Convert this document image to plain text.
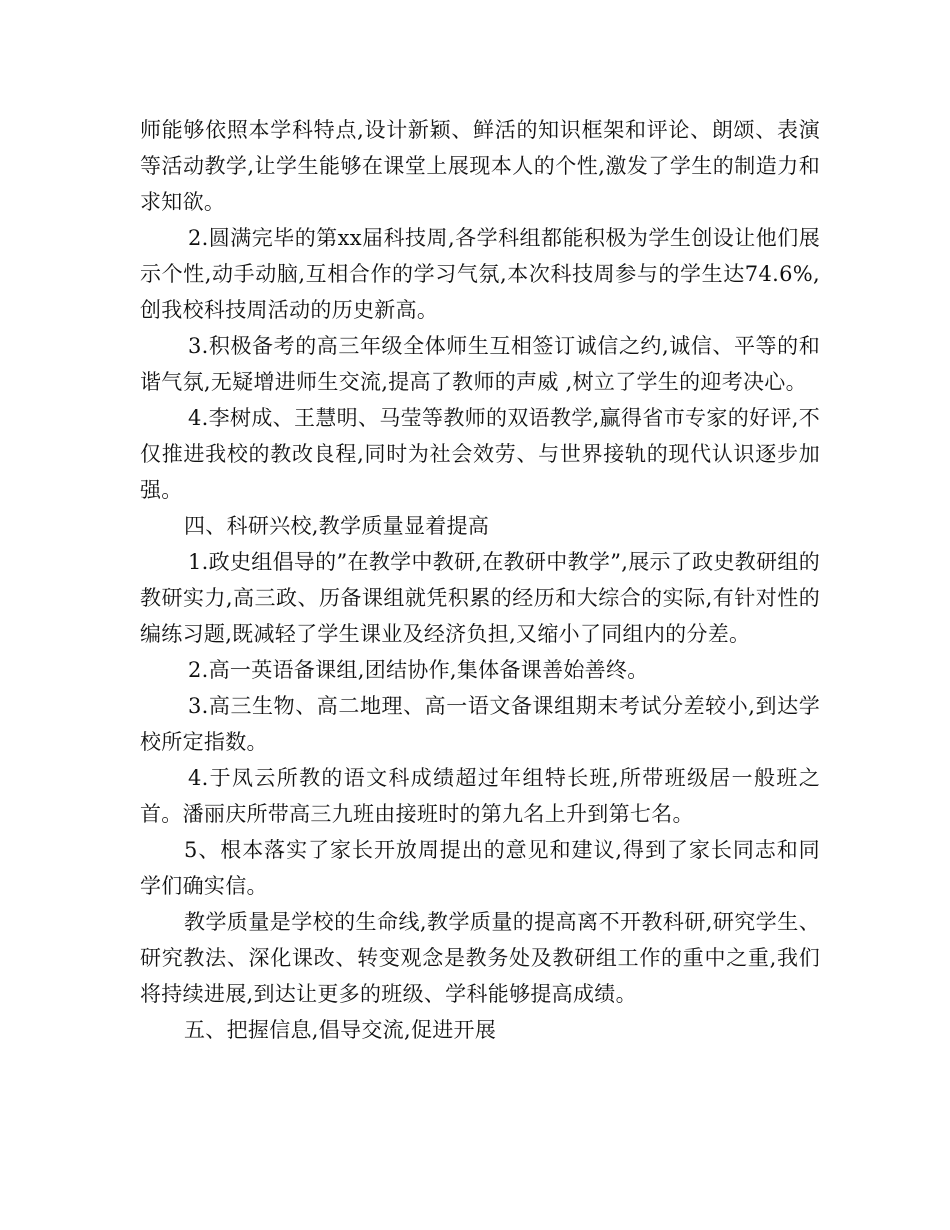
师能够依照本学科特点,设计新颖、鲜活的知识框架和评论、朗颂、表演等活动教学,让学生能够在课堂上展现本人的个性,激发了学生的制造力和求知欲。

2.圆满完毕的第xx届科技周,各学科组都能积极为学生创设让他们展示个性,动手动脑,互相合作的学习气氛,本次科技周参与的学生达74.6%,创我校科技周活动的历史新高。

3.积极备考的高三年级全体师生互相签订诚信之约,诚信、平等的和谐气氛,无疑增进师生交流,提高了教师的声威 ,树立了学生的迎考决心。

4.李树成、王慧明、马莹等教师的双语教学,赢得省市专家的好评,不仅推进我校的教改良程,同时为社会效劳、与世界接轨的现代认识逐步加强。

四、科研兴校,教学质量显着提高

1.政史组倡导的”在教学中教研,在教研中教学”,展示了政史教研组的教研实力,高三政、历备课组就凭积累的经历和大综合的实际,有针对性的编练习题,既减轻了学生课业及经济负担,又缩小了同组内的分差。

2.高一英语备课组,团结协作,集体备课善始善终。

3.高三生物、高二地理、高一语文备课组期末考试分差较小,到达学校所定指数。

4.于凤云所教的语文科成绩超过年组特长班,所带班级居一般班之首。潘丽庆所带高三九班由接班时的第九名上升到第七名。

5、根本落实了家长开放周提出的意见和建议,得到了家长同志和同学们确实信。

教学质量是学校的生命线,教学质量的提高离不开教科研,研究学生、研究教法、深化课改、转变观念是教务处及教研组工作的重中之重,我们将持续进展,到达让更多的班级、学科能够提高成绩。

五、把握信息,倡导交流,促进开展
